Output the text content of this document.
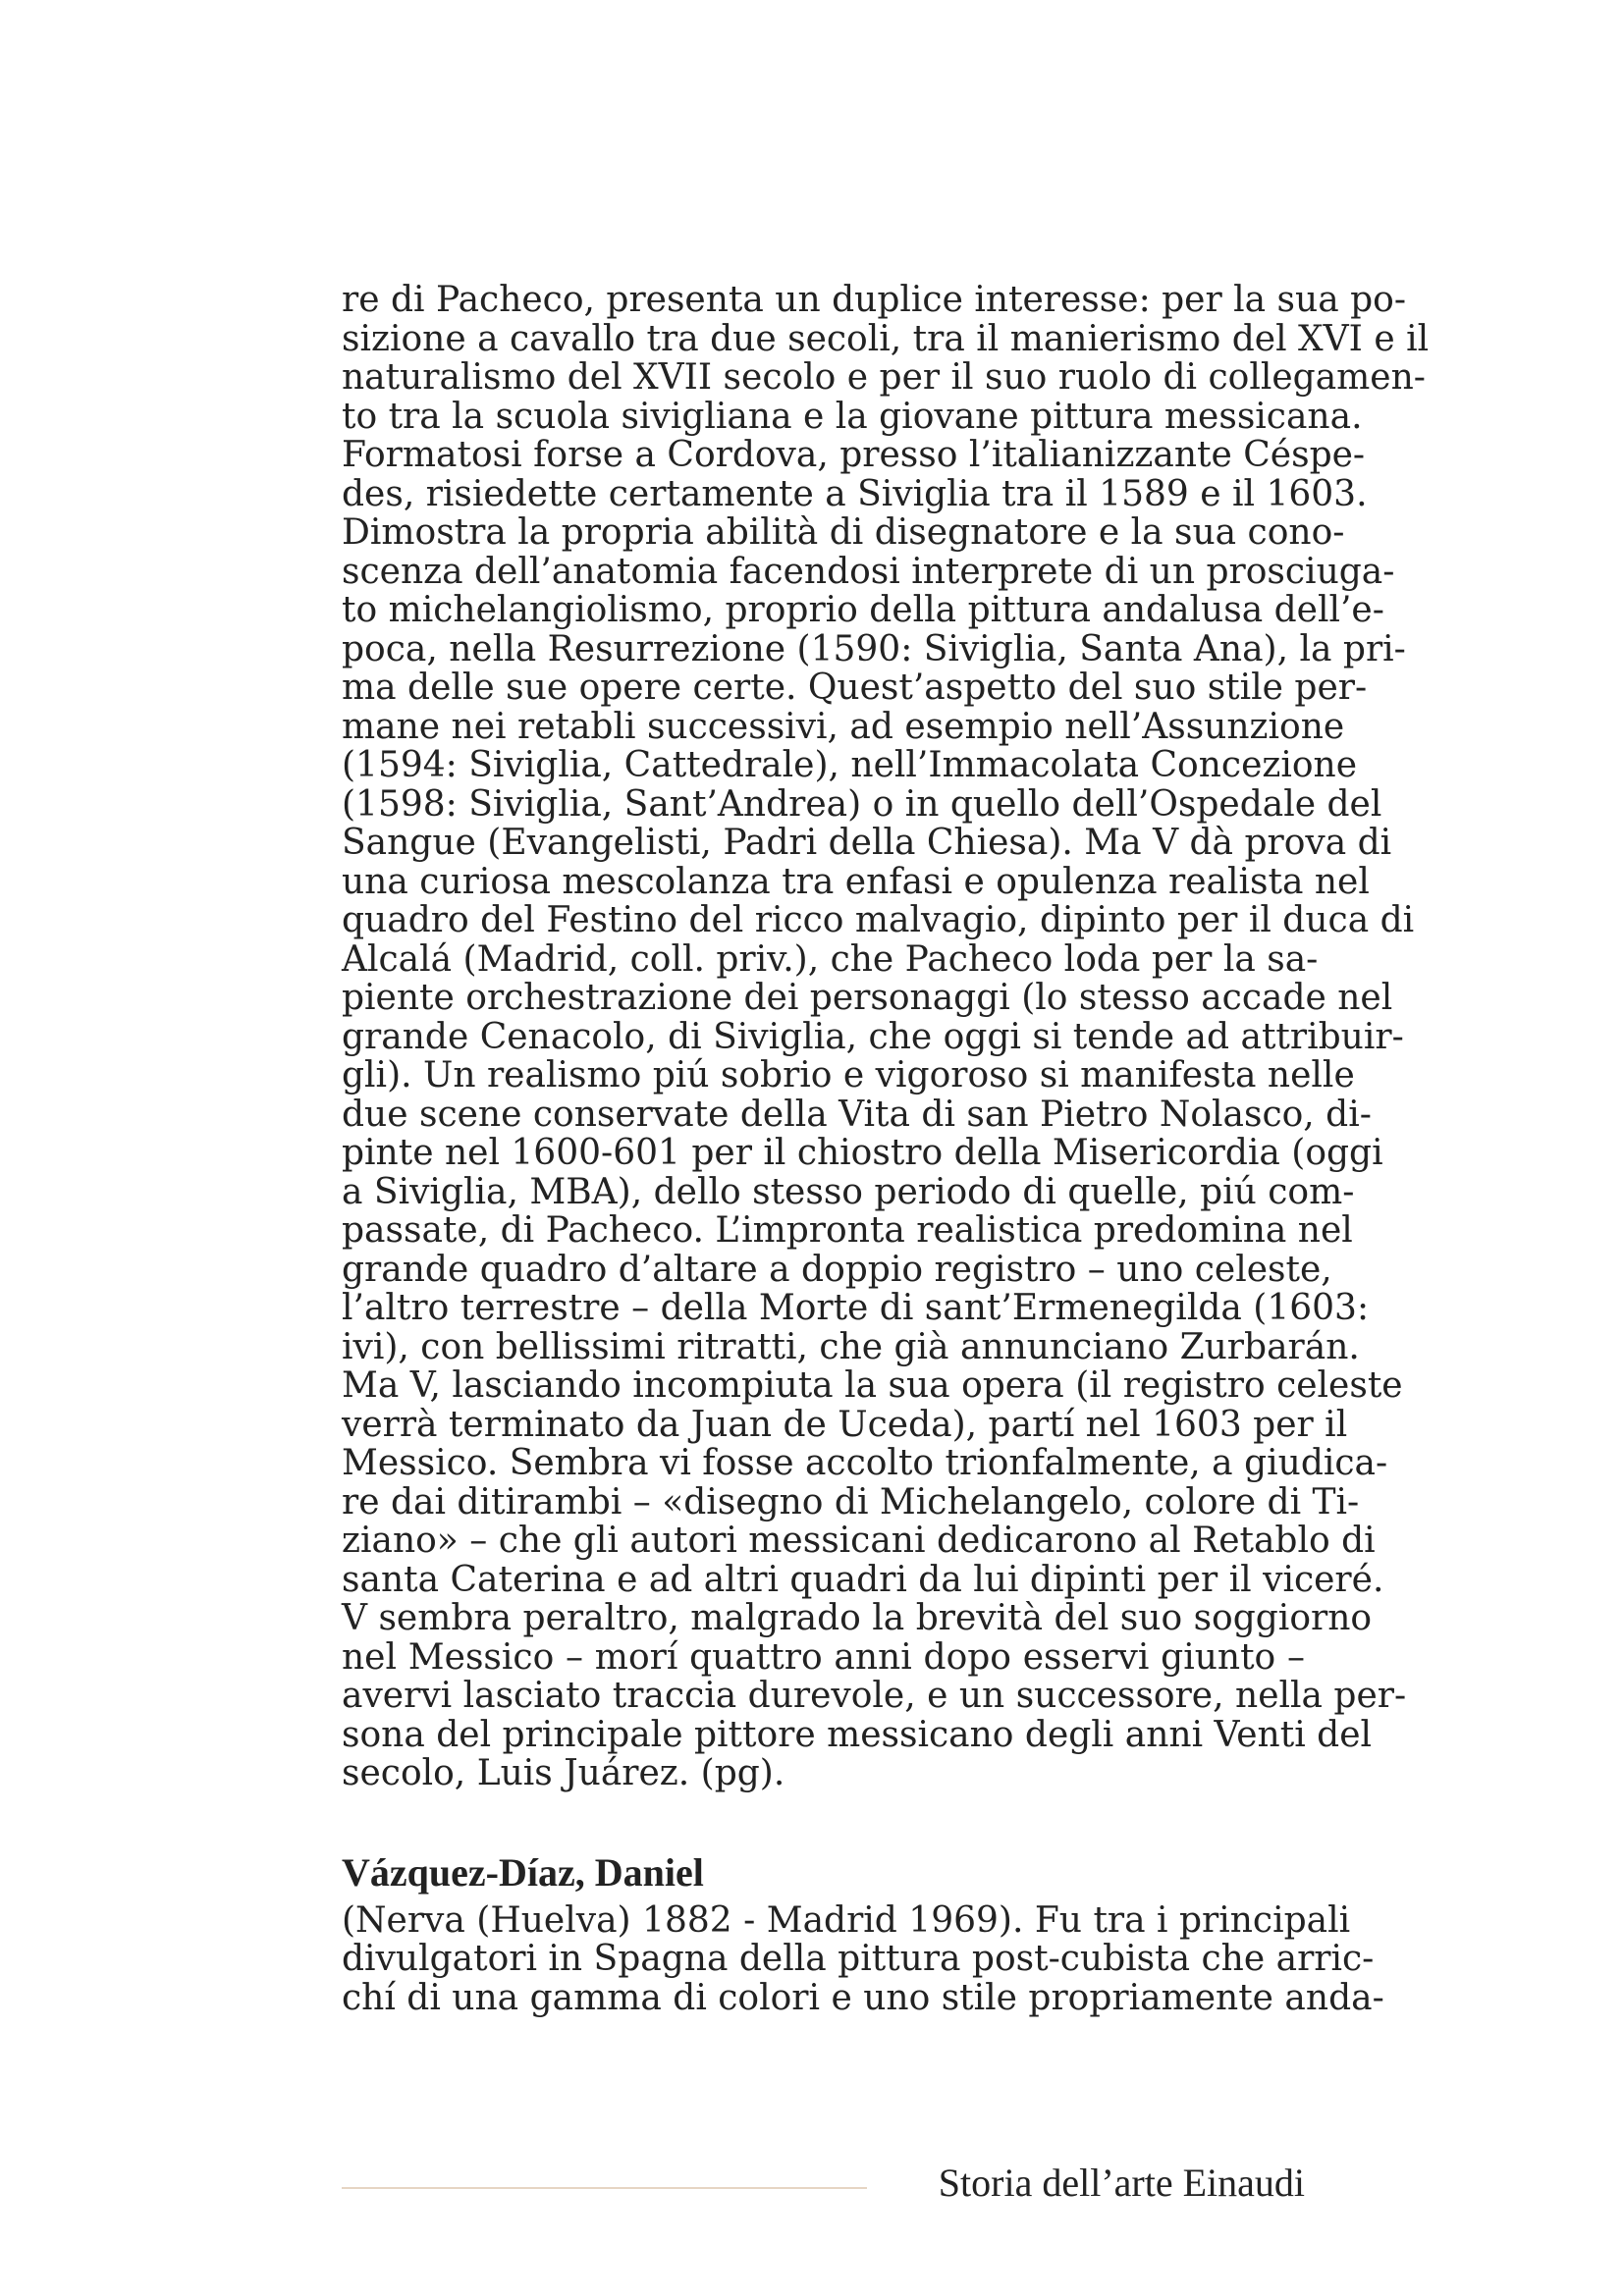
re di Pacheco, presenta un duplice interesse: per la sua po-
sizione a cavallo tra due secoli, tra il manierismo del XVI e il
naturalismo del XVII secolo e per il suo ruolo di collegamen-
to tra la scuola sivigliana e la giovane pittura messicana.
Formatosi forse a Cordova, presso l’italianizzante Céspe-
des, risiedette certamente a Siviglia tra il 1589 e il 1603.
Dimostra la propria abilità di disegnatore e la sua cono-
scenza dell’anatomia facendosi interprete di un prosciuga-
to michelangiolismo, proprio della pittura andalusa dell’e-
poca, nella Resurrezione (1590: Siviglia, Santa Ana), la pri-
ma delle sue opere certe. Quest’aspetto del suo stile per-
mane nei retabli successivi, ad esempio nell’Assunzione
(1594: Siviglia, Cattedrale), nell’Immacolata Concezione
(1598: Siviglia, Sant’Andrea) o in quello dell’Ospedale del
Sangue (Evangelisti, Padri della Chiesa). Ma V dà prova di
una curiosa mescolanza tra enfasi e opulenza realista nel
quadro del Festino del ricco malvagio, dipinto per il duca di
Alcalá (Madrid, coll. priv.), che Pacheco loda per la sa-
piente orchestrazione dei personaggi (lo stesso accade nel
grande Cenacolo, di Siviglia, che oggi si tende ad attribuir-
gli). Un realismo piú sobrio e vigoroso si manifesta nelle
due scene conservate della Vita di san Pietro Nolasco, di-
pinte nel 1600-601 per il chiostro della Misericordia (oggi
a Siviglia, MBA), dello stesso periodo di quelle, piú com-
passate, di Pacheco. L’impronta realistica predomina nel
grande quadro d’altare a doppio registro – uno celeste,
l’altro terrestre – della Morte di sant’Ermenegilda (1603:
ivi), con bellissimi ritratti, che già annunciano Zurbarán.
Ma V, lasciando incompiuta la sua opera (il registro celeste
verrà terminato da Juan de Uceda), partí nel 1603 per il
Messico. Sembra vi fosse accolto trionfalmente, a giudica-
re dai ditirambi – «disegno di Michelangelo, colore di Ti-
ziano» – che gli autori messicani dedicarono al Retablo di
santa Caterina e ad altri quadri da lui dipinti per il viceré.
V sembra peraltro, malgrado la brevità del suo soggiorno
nel Messico – morí quattro anni dopo esservi giunto –
avervi lasciato traccia durevole, e un successore, nella per-
sona del principale pittore messicano degli anni Venti del
secolo, Luis Juárez. (pg).

Vázquez-Díaz, Daniel

(Nerva (Huelva) 1882 - Madrid 1969). Fu tra i principali
divulgatori in Spagna della pittura post-cubista che arric-
chí di una gamma di colori e uno stile propriamente anda-

Storia dell’arte Einaudi
